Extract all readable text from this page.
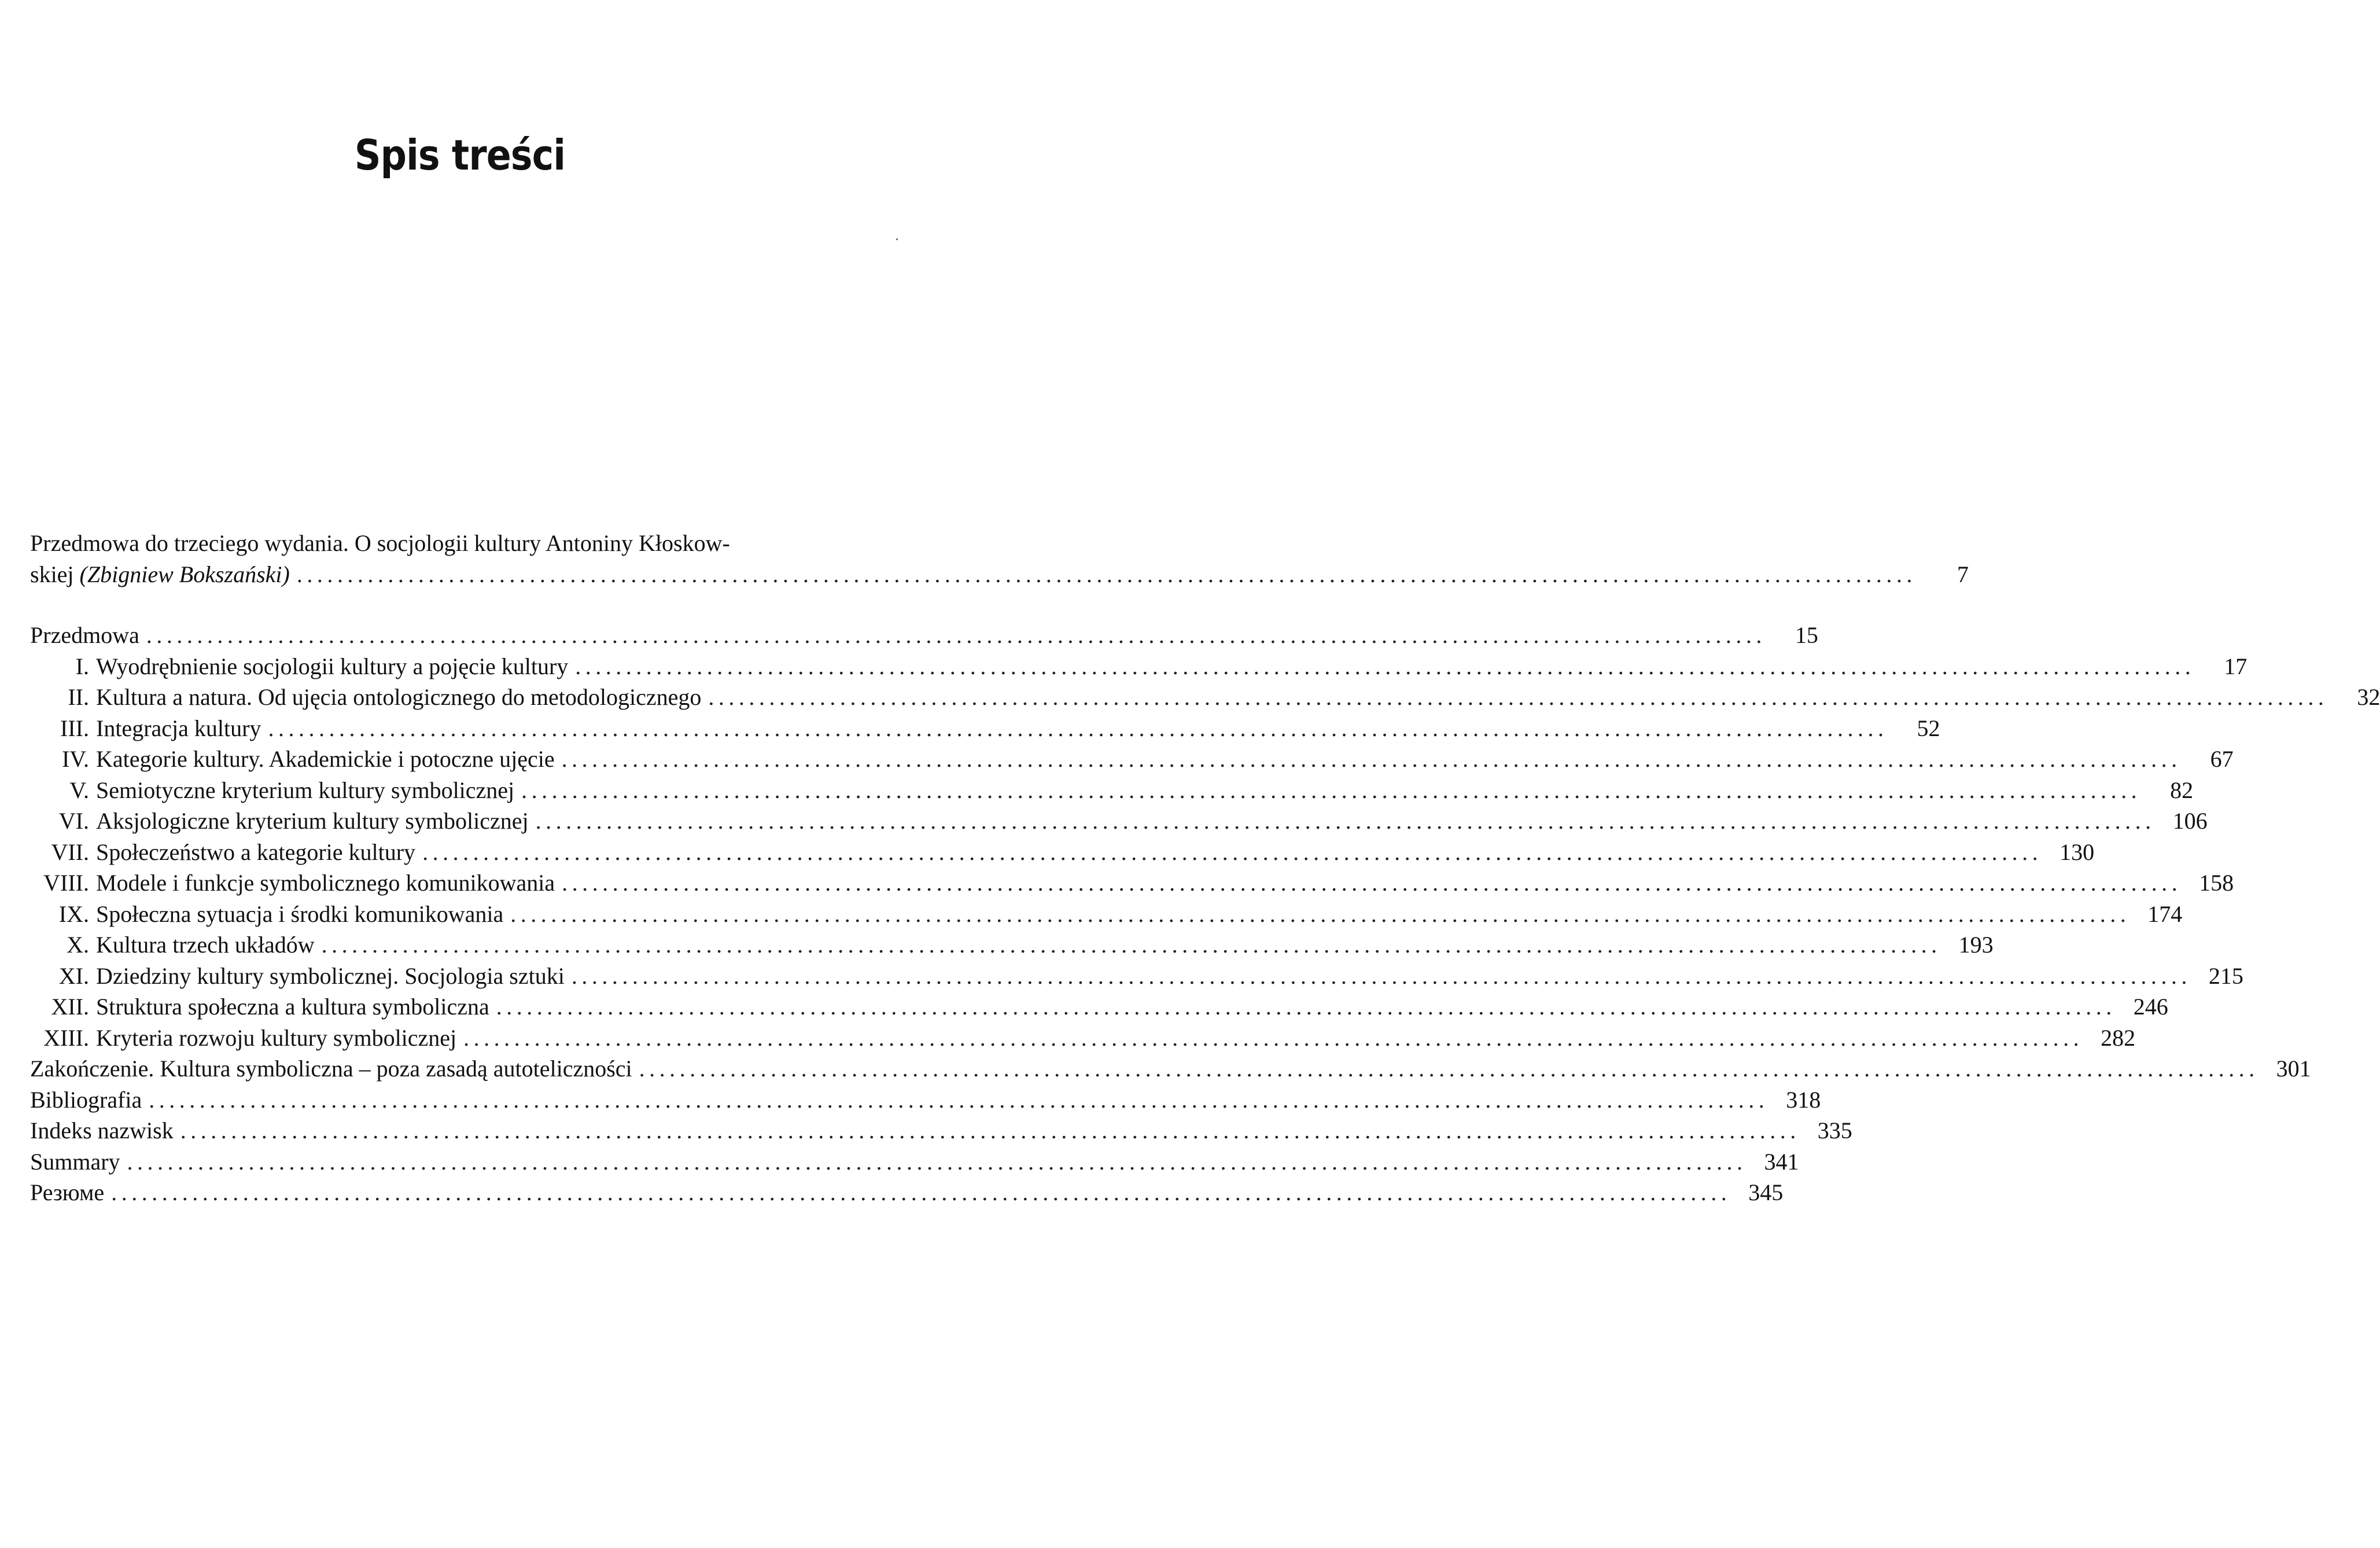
Spis treści
Przedmowa do trzeciego wydania. O socjologii kultury Antoniny Kłoskow-
skiej (Zbigniew Bokszański) ................................................................................................................................................................	7
Przedmowa ................................................................................................................................................................	15
I. Wyodrębnienie socjologii kultury a pojęcie kultury ................................................................................................................................................................	17
II. Kultura a natura. Od ujęcia ontologicznego do metodologicznego ................................................................................................................................................................	32
III. Integracja kultury ................................................................................................................................................................	52
IV. Kategorie kultury. Akademickie i potoczne ujęcie ................................................................................................................................................................	67
V. Semiotyczne kryterium kultury symbolicznej ................................................................................................................................................................	82
VI. Aksjologiczne kryterium kultury symbolicznej ................................................................................................................................................................ 106
VII. Społeczeństwo a kategorie kultury ................................................................................................................................................................ 130
VIII. Modele i funkcje symbolicznego komunikowania ................................................................................................................................................................ 158
IX. Społeczna sytuacja i środki komunikowania ................................................................................................................................................................ 174
X. Kultura trzech układów ................................................................................................................................................................ 193
XI. Dziedziny kultury symbolicznej. Socjologia sztuki ................................................................................................................................................................ 215
XII. Struktura społeczna a kultura symboliczna ................................................................................................................................................................ 246
XIII. Kryteria rozwoju kultury symbolicznej ................................................................................................................................................................ 282
Zakończenie. Kultura symboliczna – poza zasadą autoteliczności ................................................................................................................................................................ 301
Bibliografia ................................................................................................................................................................ 318
Indeks nazwisk ................................................................................................................................................................ 335
Summary ................................................................................................................................................................ 341
Резюме ................................................................................................................................................................ 345
